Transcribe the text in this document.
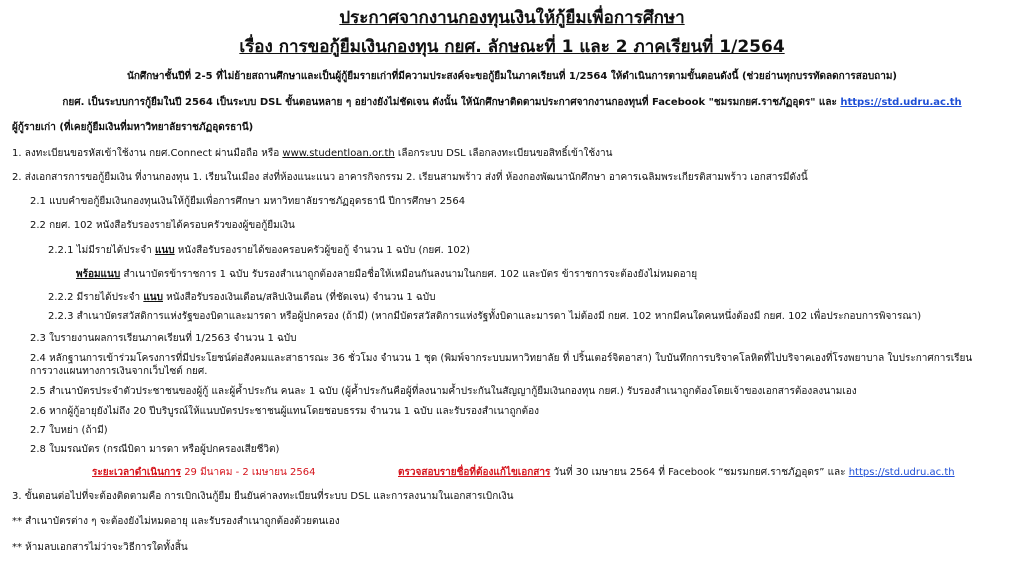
ประกาศจากงานกองทุนเงินให้กู้ยืมเพื่อการศึกษา
เรื่อง การขอกู้ยืมเงินกองทุน กยศ. ลักษณะที่ 1 และ 2 ภาคเรียนที่ 1/2564
นักศึกษาชั้นปีที่ 2-5 ที่ไม่ย้ายสถานศึกษาและเป็นผู้กู้ยืมรายเก่าที่มีความประสงค์จะขอกู้ยืมในภาคเรียนที่ 1/2564 ให้ดำเนินการตามขั้นตอนดังนี้ (ช่วยอ่านทุกบรรทัดลดการสอบถาม)
กยศ. เป็นระบบการกู้ยืมในปี 2564 เป็นระบบ DSL ขั้นตอนหลาย ๆ อย่างยังไม่ชัดเจน ดังนั้น ให้นักศึกษาติดตามประกาศจากงานกองทุนที่ Facebook "ชมรมกยศ.ราชภัฏอุดร" และ https://std.udru.ac.th
ผู้กู้รายเก่า (ที่เคยกู้ยืมเงินที่มหาวิทยาลัยราชภัฏอุดรธานี)
1. ลงทะเบียนขอรหัสเข้าใช้งาน กยศ.Connect ผ่านมือถือ หรือ www.studentloan.or.th เลือกระบบ DSL เลือกลงทะเบียนขอสิทธิ์เข้าใช้งาน
2. ส่งเอกสารการขอกู้ยืมเงิน ที่งานกองทุน 1. เรียนในเมือง ส่งที่ห้องแนะแนว อาคารกิจกรรม 2. เรียนสามพร้าว ส่งที่ ห้องกองพัฒนานักศึกษา อาคารเฉลิมพระเกียรติสามพร้าว เอกสารมีดังนี้
2.1 แบบคำขอกู้ยืมเงินกองทุนเงินให้กู้ยืมเพื่อการศึกษา มหาวิทยาลัยราชภัฏอุดรธานี ปีการศึกษา 2564
2.2 กยศ. 102 หนังสือรับรองรายได้ครอบครัวของผู้ขอกู้ยืมเงิน
2.2.1 ไม่มีรายได้ประจำ แนบ หนังสือรับรองรายได้ของครอบครัวผู้ขอกู้ จำนวน 1 ฉบับ (กยศ. 102)
พร้อมแนบ สำเนาบัตรข้าราชการ 1 ฉบับ รับรองสำเนาถูกต้องลายมือชื่อให้เหมือนกันลงนามในกยศ. 102 และบัตร ข้าราชการจะต้องยังไม่หมดอายุ
2.2.2 มีรายได้ประจำ แนบ หนังสือรับรองเงินเดือน/สลิปเงินเดือน (ที่ชัดเจน) จำนวน 1 ฉบับ
2.2.3 สำเนาบัตรสวัสดิการแห่งรัฐของบิดาและมารดา หรือผู้ปกครอง (ถ้ามี) (หากมีบัตรสวัสดิการแห่งรัฐทั้งบิดาและมารดา ไม่ต้องมี กยศ. 102 หากมีคนใดคนหนึ่งต้องมี กยศ. 102 เพื่อประกอบการพิจารณา)
2.3 ใบรายงานผลการเรียนภาคเรียนที่ 1/2563 จำนวน 1 ฉบับ
2.4 หลักฐานการเข้าร่วมโครงการที่มีประโยชน์ต่อสังคมและสาธารณะ 36 ชั่วโมง จำนวน 1 ชุด (พิมพ์จากระบบมหาวิทยาลัย ที่ ปริ้นเตอร์จิตอาสา) ใบบันทึกการบริจาคโลหิตที่ไปบริจาคเองที่โรงพยาบาล ใบประกาศการเรียนการวางแผนทางการเงินจากเว็บไซต์ กยศ.
2.5 สำเนาบัตรประจำตัวประชาชนของผู้กู้ และผู้ค้ำประกัน คนละ 1 ฉบับ (ผู้ค้ำประกันคือผู้ที่ลงนามค้ำประกันในสัญญากู้ยืมเงินกองทุน กยศ.) รับรองสำเนาถูกต้องโดยเจ้าของเอกสารต้องลงนามเอง
2.6 หากผู้กู้อายุยังไม่ถึง 20 ปีบริบูรณ์ให้แนบบัตรประชาชนผู้แทนโดยชอบธรรม จำนวน 1 ฉบับ และรับรองสำเนาถูกต้อง
2.7 ใบหย่า (ถ้ามี)
2.8 ใบมรณบัตร (กรณีบิดา มารดา หรือผู้ปกครองเสียชีวิต)
ระยะเวลาดำเนินการ 29 มีนาคม - 2 เมษายน 2564	ตรวจสอบรายชื่อที่ต้องแก้ไขเอกสาร วันที่ 30 เมษายน 2564 ที่ Facebook “ชมรมกยศ.ราชภัฏอุดร” และ https://std.udru.ac.th
3. ขั้นตอนต่อไปที่จะต้องติดตามคือ การเบิกเงินกู้ยืม ยืนยันค่าลงทะเบียนที่ระบบ DSL และการลงนามในเอกสารเบิกเงิน
** สำเนาบัตรต่าง ๆ จะต้องยังไม่หมดอายุ และรับรองสำเนาถูกต้องด้วยตนเอง
** ห้ามลบเอกสารไม่ว่าจะวิธีการใดทั้งสิ้น
